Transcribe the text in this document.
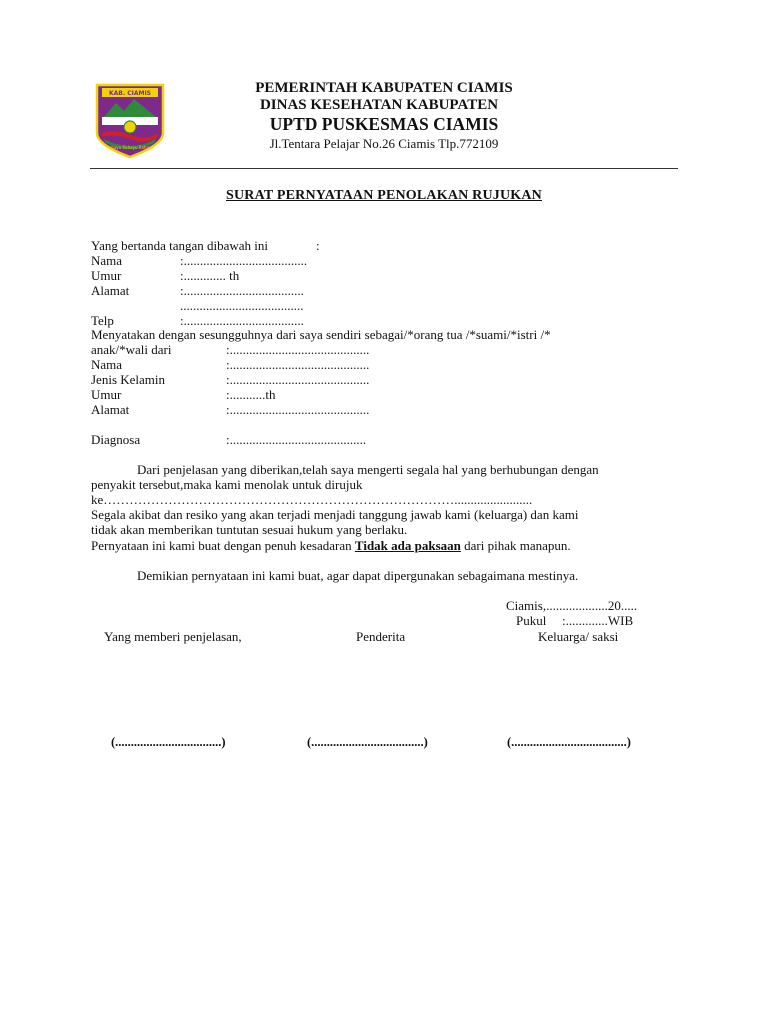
KAB. CIAMIS
Rahayu Rahayu Rahayu
PEMERINTAH KABUPATEN CIAMIS
DINAS KESEHATAN KABUPATEN
UPTD PUSKESMAS CIAMIS
Jl.Tentara Pelajar No.26 Ciamis Tlp.772109
SURAT PERNYATAAN PENOLAKAN RUJUKAN
Yang bertanda tangan dibawah ini	:
Nama	:......................................
Umur	:............. th
Alamat	:.....................................
......................................
Telp	:.....................................
Menyatakan dengan sesungguhnya dari saya sendiri sebagai/*orang tua /*suami/*istri /*
anak/*wali dari	:...........................................
Nama	:...........................................
Jenis Kelamin	:...........................................
Umur	:...........th
Alamat	:...........................................
Diagnosa	:..........................................
Dari penjelasan yang diberikan,telah saya mengerti segala hal yang berhubungan dengan
penyakit tersebut,maka kami menolak untuk dirujuk
ke………………………………………………………………………........................
Segala akibat dan resiko yang akan terjadi menjadi tanggung jawab kami (keluarga) dan kami
tidak akan memberikan tuntutan sesuai hukum yang berlaku.
Pernyataan ini kami buat dengan penuh kesadaran Tidak ada paksaan dari pihak manapun.
Demikian pernyataan ini kami buat, agar dapat dipergunakan sebagaimana mestinya.
Ciamis,...................20.....
Pukul :.............WIB
Yang memberi penjelasan,	Penderita	Keluarga/ saksi
(..................................)	(....................................)	(.....................................)
